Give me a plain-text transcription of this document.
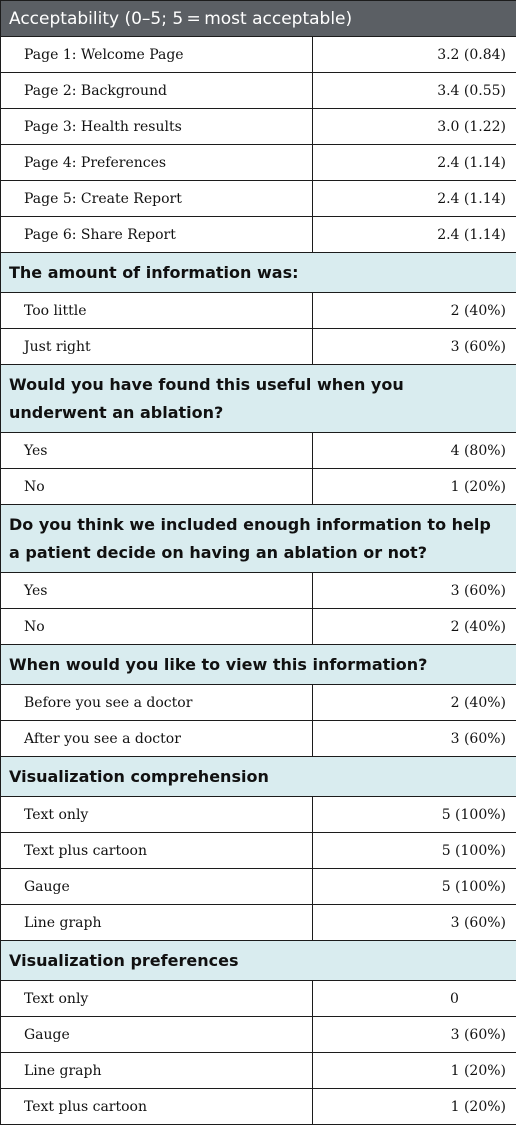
Acceptability (0–5; 5 = most acceptable)	
Page 1: Welcome Page	3.2 (0.84)
Page 2: Background	3.4 (0.55)
Page 3: Health results	3.0 (1.22)
Page 4: Preferences	2.4 (1.14)
Page 5: Create Report	2.4 (1.14)
Page 6: Share Report	2.4 (1.14)
The amount of information was:	
Too little	2 (40%)
Just right	3 (60%)
Would you have found this useful when you underwent an ablation?	
Yes	4 (80%)
No	1 (20%)
Do you think we included enough information to help a patient decide on having an ablation or not?	
Yes	3 (60%)
No	2 (40%)
When would you like to view this information?	
Before you see a doctor	2 (40%)
After you see a doctor	3 (60%)
Visualization comprehension	
Text only	5 (100%)
Text plus cartoon	5 (100%)
Gauge	5 (100%)
Line graph	3 (60%)
Visualization preferences	
Text only	0
Gauge	3 (60%)
Line graph	1 (20%)
Text plus cartoon	1 (20%)
